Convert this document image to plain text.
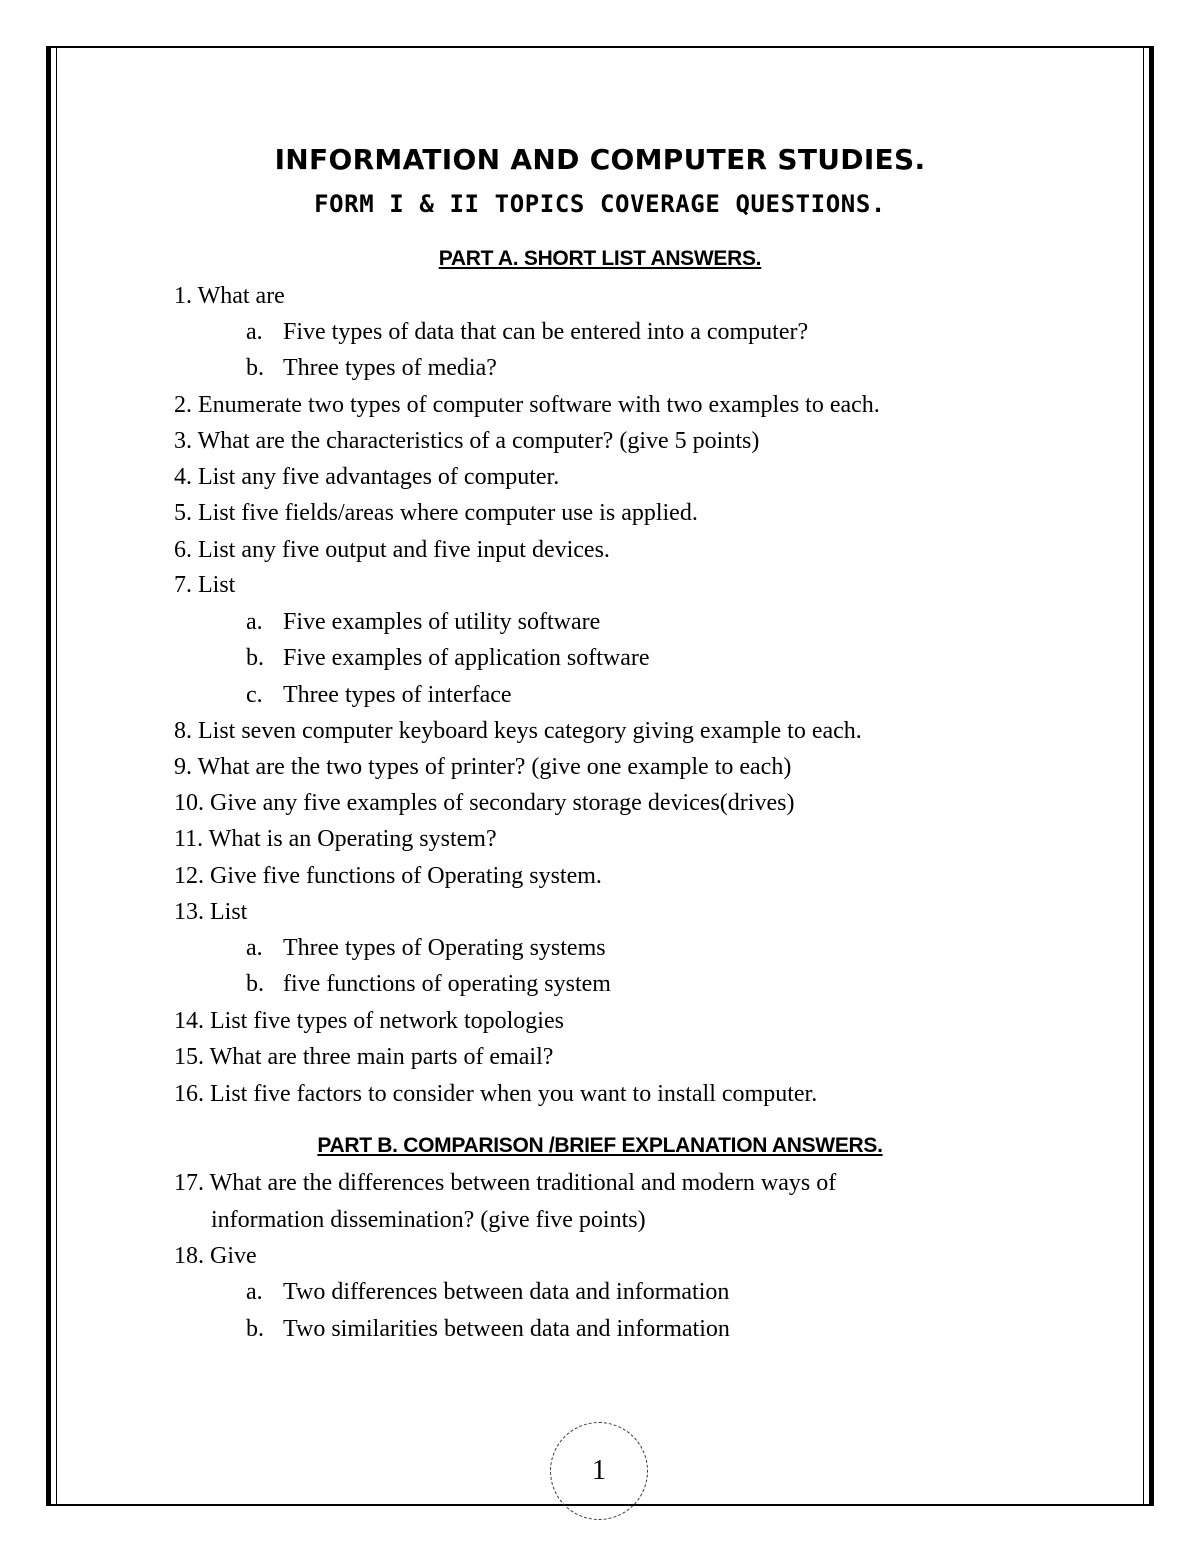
INFORMATION AND COMPUTER STUDIES.
FORM I & II TOPICS COVERAGE QUESTIONS.
PART A. SHORT LIST ANSWERS.
1. What are
a. Five types of data that can be entered into a computer?
b. Three types of media?
2. Enumerate two types of computer software with two examples to each.
3. What are the characteristics of a computer? (give 5 points)
4. List any five advantages of computer.
5. List five fields/areas where computer use is applied.
6. List any five output and five input devices.
7. List
a. Five examples of utility software
b. Five examples of application software
c. Three types of interface
8. List seven computer keyboard keys category giving example to each.
9. What are the two types of printer? (give one example to each)
10. Give any five examples of secondary storage devices(drives)
11. What is an Operating system?
12. Give five functions of Operating system.
13. List
a. Three types of Operating systems
b. five functions of operating system
14. List five types of network topologies
15. What are three main parts of email?
16. List five factors to consider when you want to install computer.
PART B. COMPARISON /BRIEF EXPLANATION ANSWERS.
17. What are the differences between traditional and modern ways of
information dissemination? (give five points)
18. Give
a. Two differences between data and information
b. Two similarities between data and information
1
